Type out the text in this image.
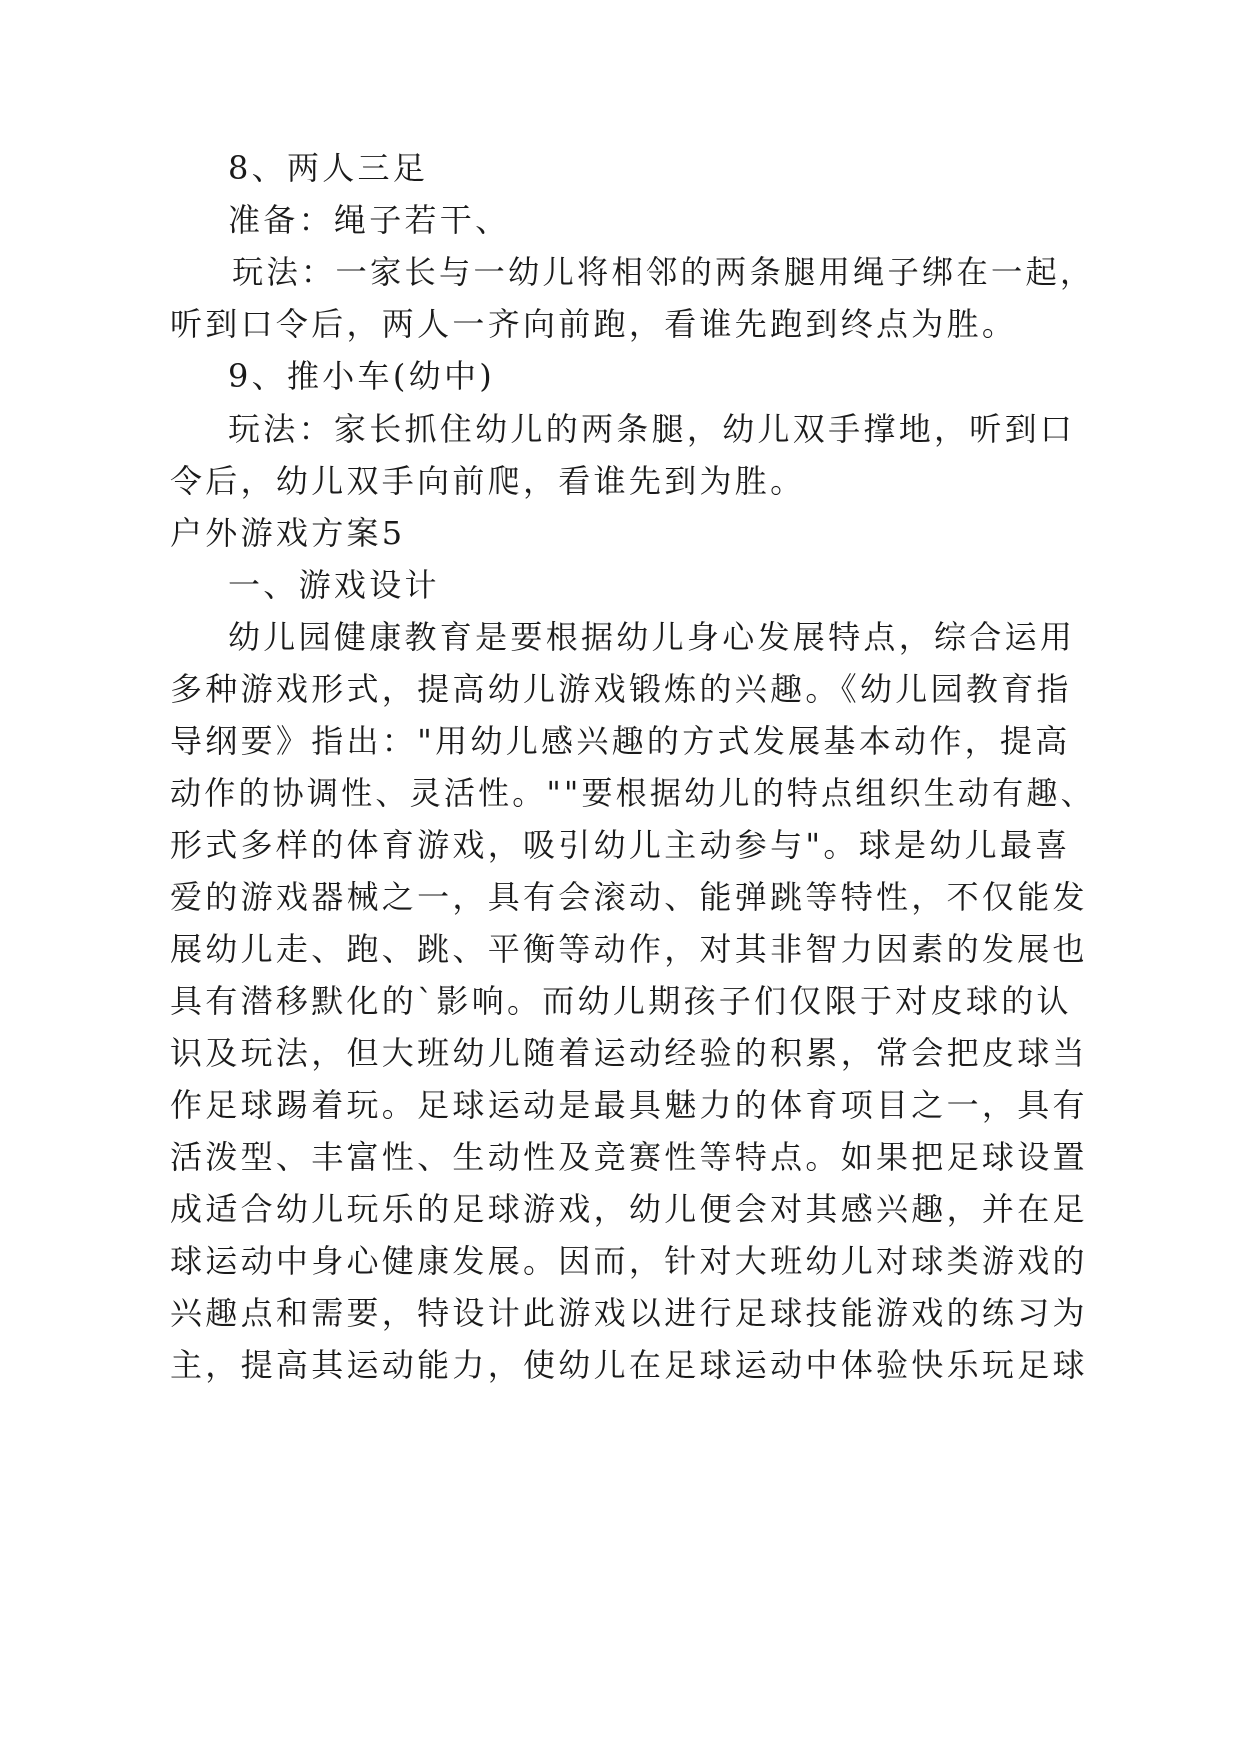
8、两人三足
准备：绳子若干、
玩法：一家长与一幼儿将相邻的两条腿用绳子绑在一起，
听到口令后，两人一齐向前跑，看谁先跑到终点为胜。
9、推小车(幼中)
玩法：家长抓住幼儿的两条腿，幼儿双手撑地，听到口
令后，幼儿双手向前爬，看谁先到为胜。
户外游戏方案5
一、游戏设计
幼儿园健康教育是要根据幼儿身心发展特点，综合运用
多种游戏形式，提高幼儿游戏锻炼的兴趣。《幼儿园教育指
导纲要》指出："用幼儿感兴趣的方式发展基本动作，提高
动作的协调性、灵活性。""要根据幼儿的特点组织生动有趣、
形式多样的体育游戏，吸引幼儿主动参与"。球是幼儿最喜
爱的游戏器械之一，具有会滚动、能弹跳等特性，不仅能发
展幼儿走、跑、跳、平衡等动作，对其非智力因素的发展也
具有潜移默化的`影响。而幼儿期孩子们仅限于对皮球的认
识及玩法，但大班幼儿随着运动经验的积累，常会把皮球当
作足球踢着玩。足球运动是最具魅力的体育项目之一，具有
活泼型、丰富性、生动性及竞赛性等特点。如果把足球设置
成适合幼儿玩乐的足球游戏，幼儿便会对其感兴趣，并在足
球运动中身心健康发展。因而，针对大班幼儿对球类游戏的
兴趣点和需要，特设计此游戏以进行足球技能游戏的练习为
主，提高其运动能力，使幼儿在足球运动中体验快乐玩足球
